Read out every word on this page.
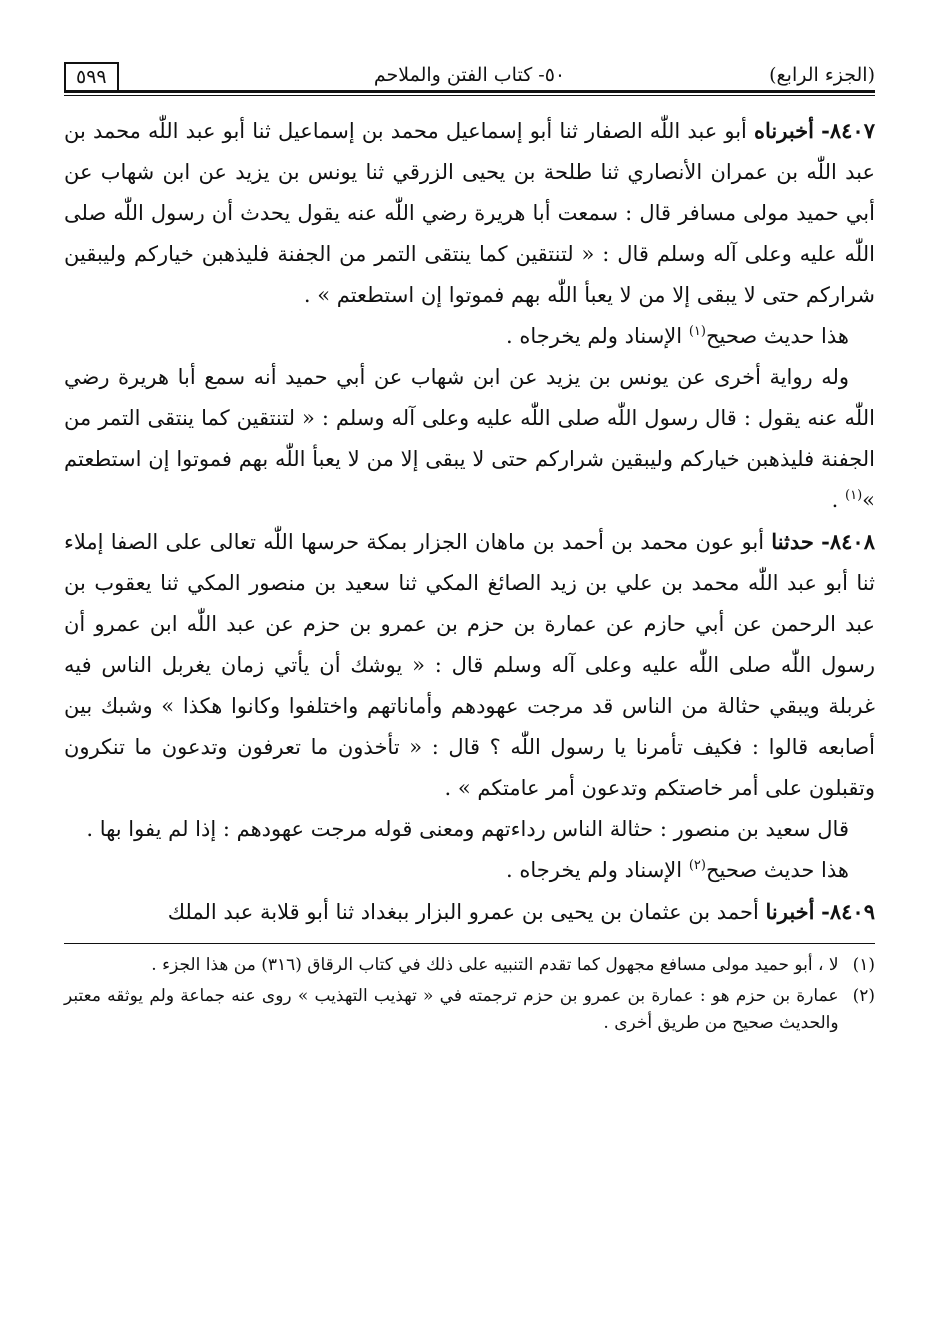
(الجزء الرابع)
٥٠- كتاب الفتن والملاحم
٥٩٩

٨٤٠٧- أخبرناه أبو عبد اللّٰه الصفار ثنا أبو إسماعيل محمد بن إسماعيل ثنا أبو عبد اللّٰه محمد بن عبد اللّٰه بن عمران الأنصاري ثنا طلحة بن يحيى الزرقي ثنا يونس بن يزيد عن ابن شهاب عن أبي حميد مولى مسافر قال : سمعت أبا هريرة رضي اللّٰه عنه يقول يحدث أن رسول اللّٰه صلى اللّٰه عليه وعلى آله وسلم قال : « لتنتقين كما ينتقى التمر من الجفنة فليذهبن خياركم وليبقين شراركم حتى لا يبقى إلا من لا يعبأ اللّٰه بهم فموتوا إن استطعتم » .

هذا حديث صحيح$^{(١)}$ الإسناد ولم يخرجاه .

وله رواية أخرى عن يونس بن يزيد عن ابن شهاب عن أبي حميد أنه سمع أبا هريرة رضي اللّٰه عنه يقول : قال رسول اللّٰه صلى اللّٰه عليه وعلى آله وسلم : « لتنتقين كما ينتقى التمر من الجفنة فليذهبن خياركم وليبقين شراركم حتى لا يبقى إلا من لا يعبأ اللّٰه بهم فموتوا إن استطعتم »$^{(١)}$ .

٨٤٠٨- حدثنا أبو عون محمد بن أحمد بن ماهان الجزار بمكة حرسها اللّٰه تعالى على الصفا إملاء ثنا أبو عبد اللّٰه محمد بن علي بن زيد الصائغ المكي ثنا سعيد بن منصور المكي ثنا يعقوب بن عبد الرحمن عن أبي حازم عن عمارة بن حزم بن عمرو بن حزم عن عبد اللّٰه ابن عمرو أن رسول اللّٰه صلى اللّٰه عليه وعلى آله وسلم قال : « يوشك أن يأتي زمان يغربل الناس فيه غربلة ويبقي حثالة من الناس قد مرجت عهودهم وأماناتهم واختلفوا وكانوا هكذا » وشبك بين أصابعه قالوا : فكيف تأمرنا يا رسول اللّٰه ؟ قال : « تأخذون ما تعرفون وتدعون ما تنكرون وتقبلون على أمر خاصتكم وتدعون أمر عامتكم » .

قال سعيد بن منصور : حثالة الناس رداءتهم ومعنى قوله مرجت عهودهم : إذا لم يفوا بها .

هذا حديث صحيح$^{(٢)}$ الإسناد ولم يخرجاه .

٨٤٠٩- أخبرنا أحمد بن عثمان بن يحيى بن عمرو البزار ببغداد ثنا أبو قلابة عبد الملك

(١)
لا ، أبو حميد مولى مسافع مجهول كما تقدم التنبيه على ذلك في كتاب الرقاق (٣١٦) من هذا الجزء .
(٢)
عمارة بن حزم هو : عمارة بن عمرو بن حزم ترجمته في « تهذيب التهذيب » روى عنه جماعة ولم يوثقه معتبر والحديث صحيح من طريق أخرى .
